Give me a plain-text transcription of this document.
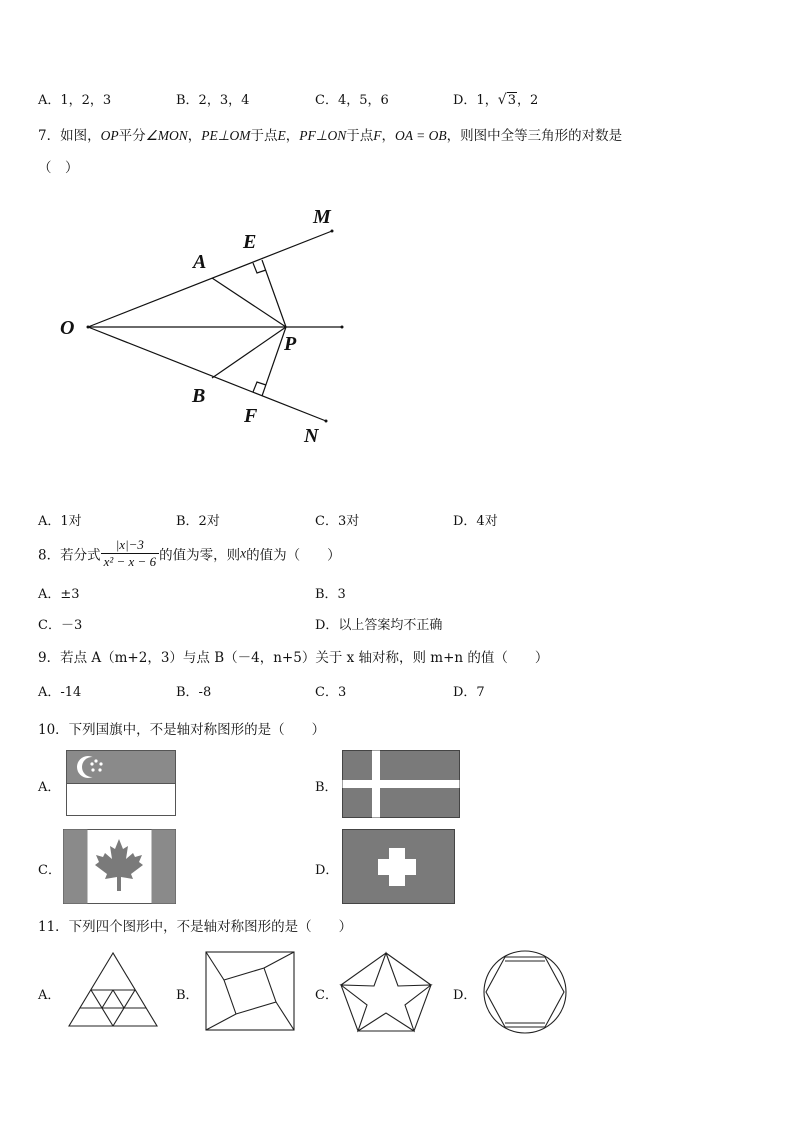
A．1，2，3	B．2，3，4	C．4，5，6	D．1， √ 3，2
7．如图，OP平分∠MON，PE⊥OM于点E，PF⊥ON于点F，OA = OB，则图中全等三角形的对数是
（　）
M
E
A
O
P
B
F
N
A．1对	B．2对	C．3对	D．4对
8．若分式 $\frac{|x|-3}{\text{x² − x − 6}}$ 的值为零，则x的值为（　　）
A．±3	B．3
C．－3	D．以上答案均不正确
9．若点 A（m+2，3）与点 B（－4，n+5）关于 x 轴对称，则 m+n 的值（　　）
A．-14	B．-8	C．3	D．7
10．下列国旗中，不是轴对称图形的是（　　）
A．	B．
C．	D．
11．下列四个图形中，不是轴对称图形的是（　　）
A．	B．	C．	D．
